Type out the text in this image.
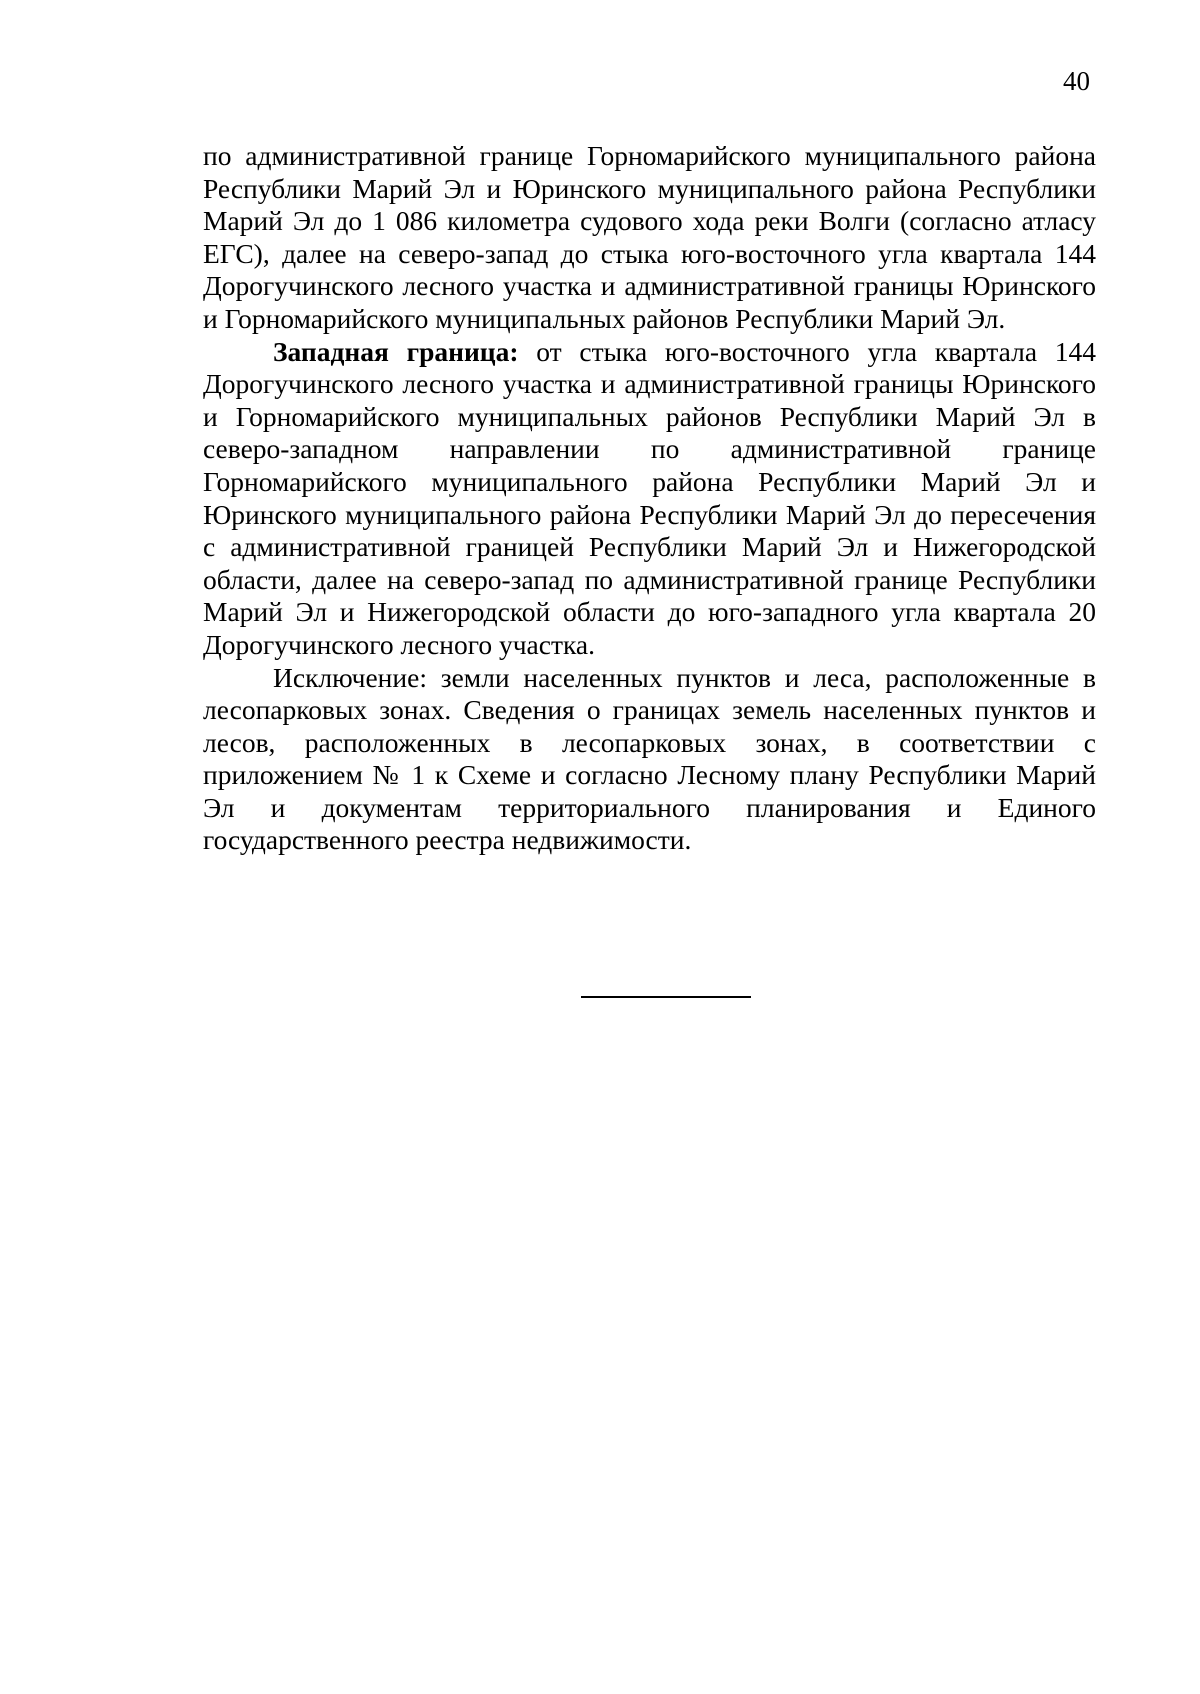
40

по административной границе Горномарийского муниципального района Республики Марий Эл и Юринского муниципального района Республики Марий Эл до 1 086 километра судового хода реки Волги (согласно атласу ЕГС), далее на северо-запад до стыка юго-восточного угла квартала 144 Дорогучинского лесного участка и административной границы Юринского и Горномарийского муниципальных районов Республики Марий Эл.

Западная граница: от стыка юго-восточного угла квартала 144 Дорогучинского лесного участка и административной границы Юринского и Горномарийского муниципальных районов Республики Марий Эл в северо-западном направлении по административной границе Горномарийского муниципального района Республики Марий Эл и Юринского муниципального района Республики Марий Эл до пересечения с административной границей Республики Марий Эл и Нижегородской области, далее на северо-запад по административной границе Республики Марий Эл и Нижегородской области до юго-западного угла квартала 20 Дорогучинского лесного участка.

Исключение: земли населенных пунктов и леса, расположенные в лесопарковых зонах. Сведения о границах земель населенных пунктов и лесов, расположенных в лесопарковых зонах, в соответствии с приложением № 1 к Схеме и согласно Лесному плану Республики Марий Эл и документам территориального планирования и Единого государственного реестра недвижимости.
